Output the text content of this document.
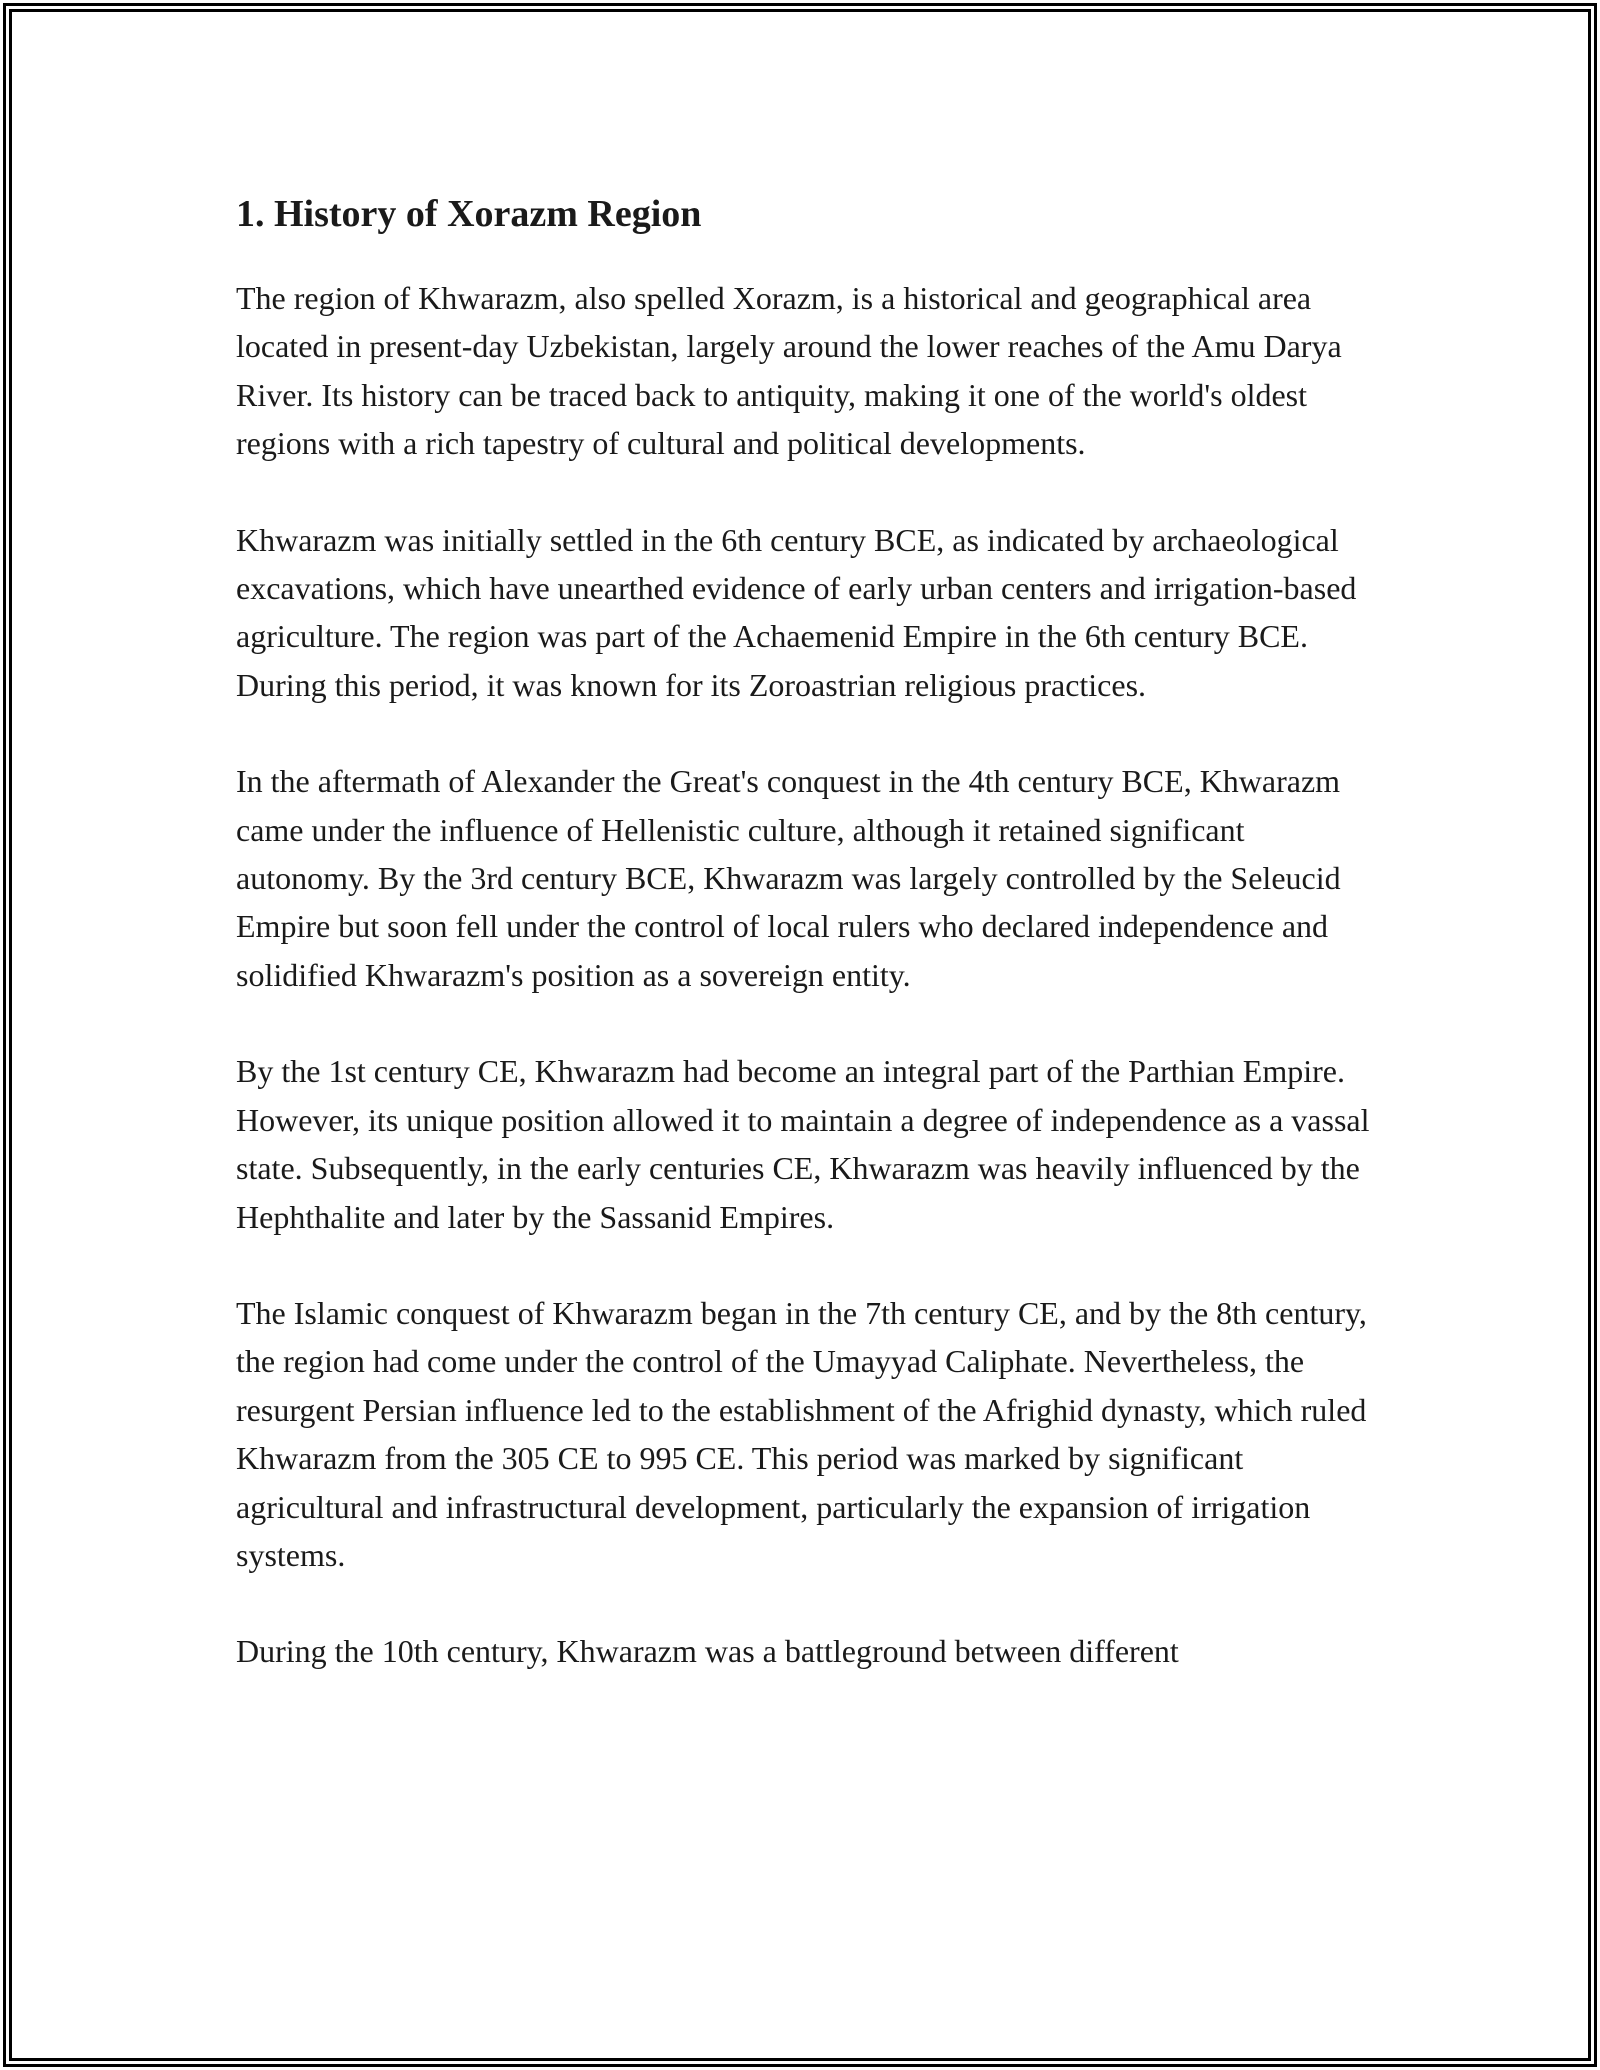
1. History of Xorazm Region

The region of Khwarazm, also spelled Xorazm, is a historical and geographical area located in present-day Uzbekistan, largely around the lower reaches of the Amu Darya River. Its history can be traced back to antiquity, making it one of the world's oldest regions with a rich tapestry of cultural and political developments.

Khwarazm was initially settled in the 6th century BCE, as indicated by archaeological excavations, which have unearthed evidence of early urban centers and irrigation-based agriculture. The region was part of the Achaemenid Empire in the 6th century BCE. During this period, it was known for its Zoroastrian religious practices.

In the aftermath of Alexander the Great's conquest in the 4th century BCE, Khwarazm came under the influence of Hellenistic culture, although it retained significant autonomy. By the 3rd century BCE, Khwarazm was largely controlled by the Seleucid Empire but soon fell under the control of local rulers who declared independence and solidified Khwarazm's position as a sovereign entity.

By the 1st century CE, Khwarazm had become an integral part of the Parthian Empire. However, its unique position allowed it to maintain a degree of independence as a vassal state. Subsequently, in the early centuries CE, Khwarazm was heavily influenced by the Hephthalite and later by the Sassanid Empires.

The Islamic conquest of Khwarazm began in the 7th century CE, and by the 8th century, the region had come under the control of the Umayyad Caliphate. Nevertheless, the resurgent Persian influence led to the establishment of the Afrighid dynasty, which ruled Khwarazm from the 305 CE to 995 CE. This period was marked by significant agricultural and infrastructural development, particularly the expansion of irrigation systems.

During the 10th century, Khwarazm was a battleground between different
